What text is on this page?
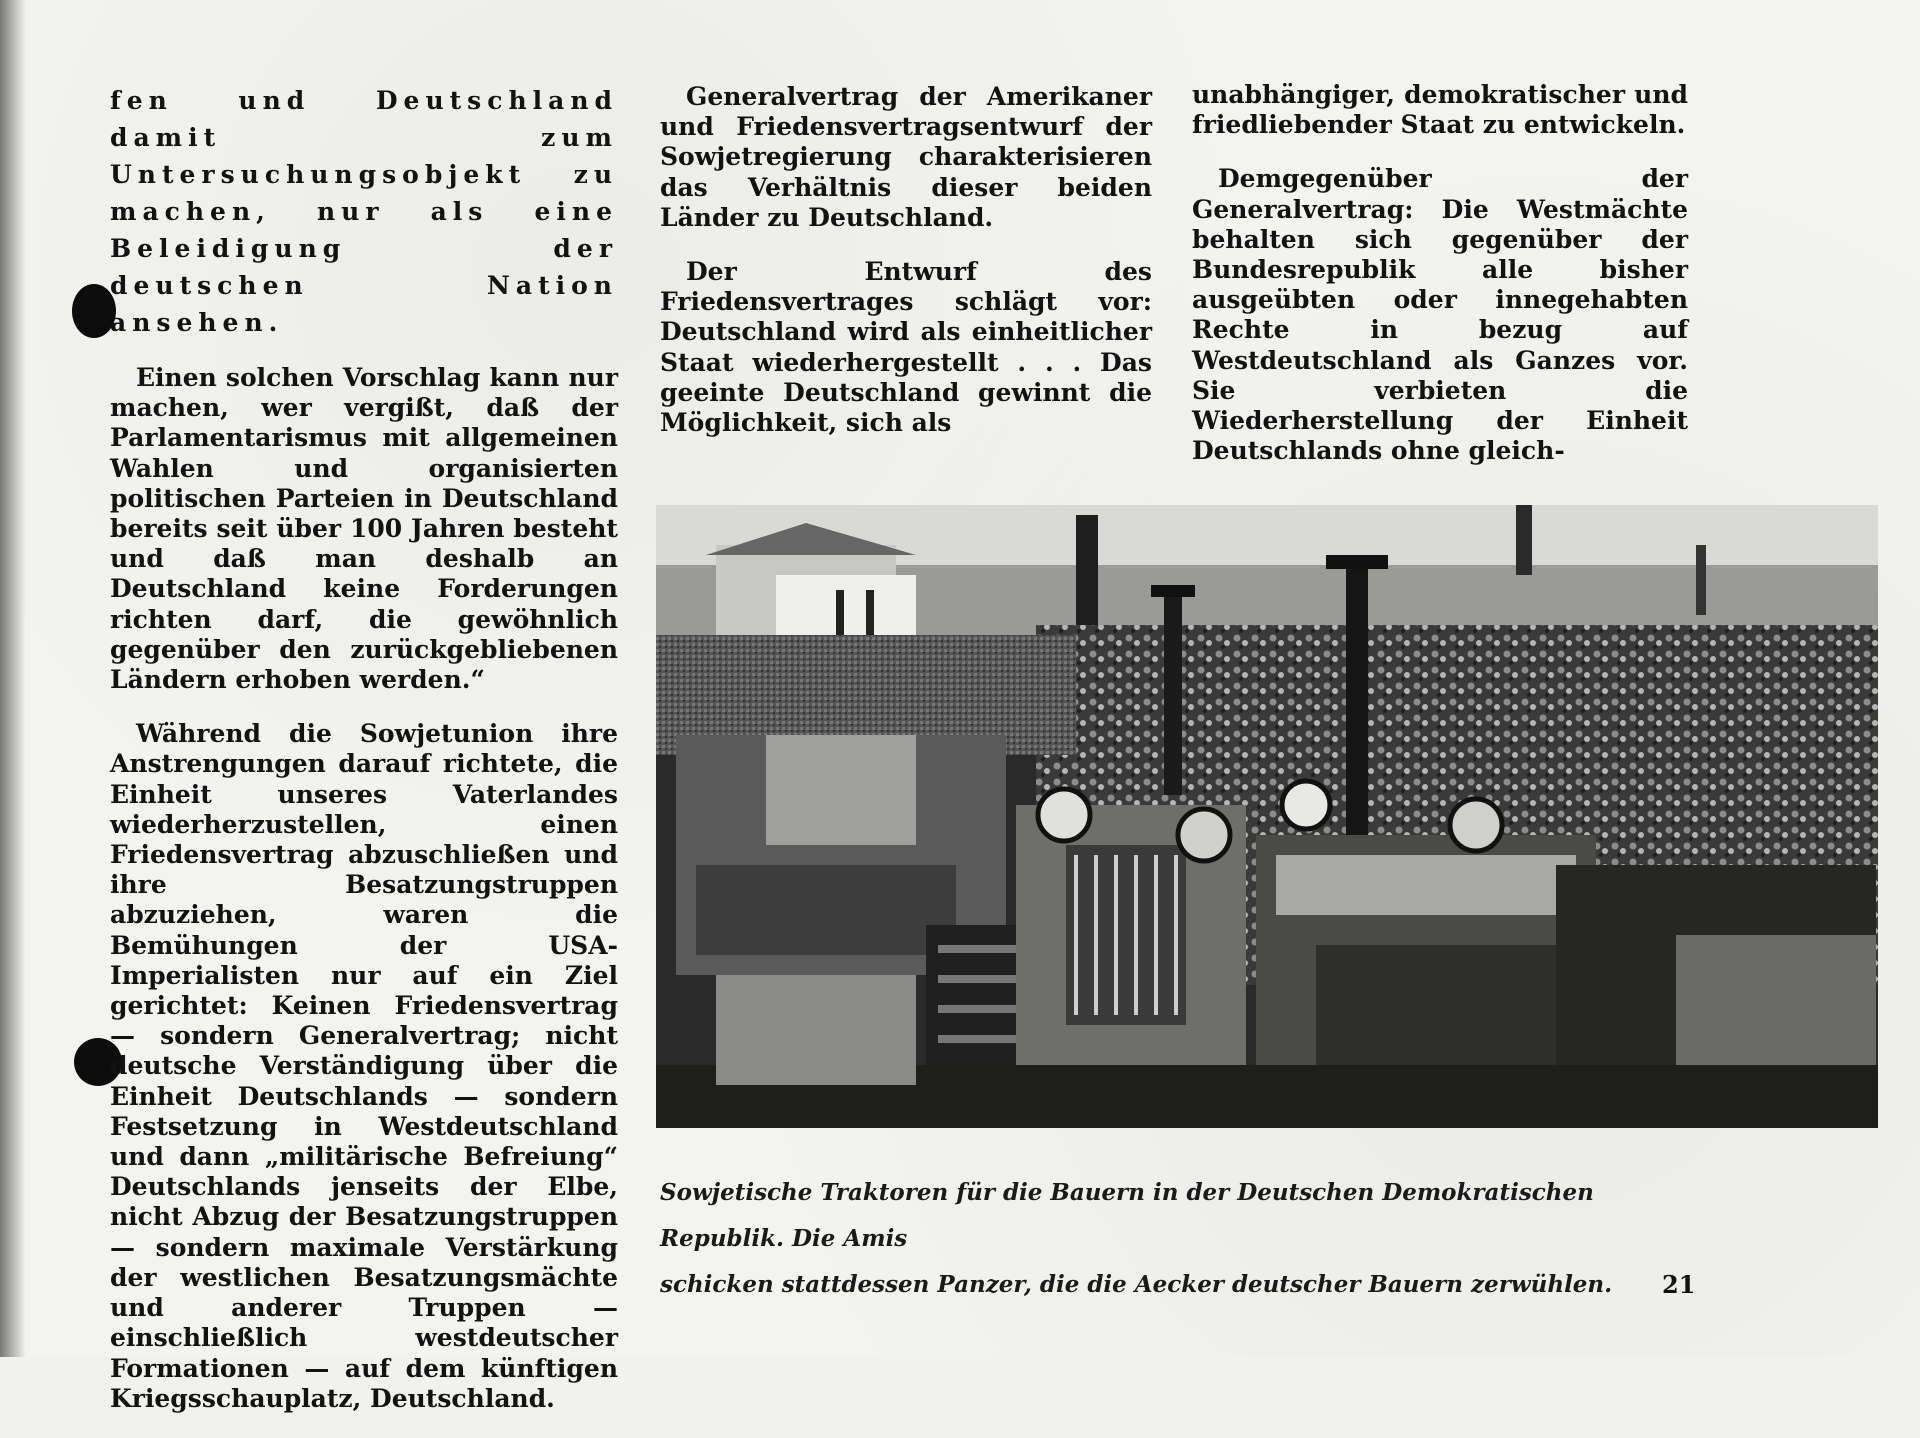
fen und Deutschland damit zum Untersuchungsobjekt zu machen, nur als eine Beleidigung der deutschen Nation ansehen.

Einen solchen Vorschlag kann nur machen, wer vergißt, daß der Parlamentarismus mit allgemeinen Wahlen und organisierten politischen Parteien in Deutschland bereits seit über 100 Jahren besteht und daß man deshalb an Deutschland keine Forderungen richten darf, die gewöhnlich gegenüber den zurückgebliebenen Ländern erhoben werden.“

Während die Sowjetunion ihre Anstrengungen darauf richtete, die Einheit unseres Vaterlandes wiederherzustellen, einen Friedensvertrag abzuschließen und ihre Besatzungstruppen abzuziehen, waren die Bemühungen der USA-Imperialisten nur auf ein Ziel gerichtet: Keinen Friedensvertrag — sondern Generalvertrag; nicht deutsche Verständigung über die Einheit Deutschlands — sondern Festsetzung in Westdeutschland und dann „militärische Befreiung“ Deutschlands jenseits der Elbe, nicht Abzug der Besatzungstruppen — sondern maximale Verstärkung der westlichen Besatzungsmächte und anderer Truppen — einschließlich westdeutscher Formationen — auf dem künftigen Kriegsschauplatz, Deutschland.

Generalvertrag der Amerikaner und Friedensvertragsentwurf der Sowjetregierung charakterisieren das Verhältnis dieser beiden Länder zu Deutschland.

Der Entwurf des Friedensvertrages schlägt vor: Deutschland wird als einheitlicher Staat wiederhergestellt . . . Das geeinte Deutschland gewinnt die Möglichkeit, sich als

unabhängiger, demokratischer und friedliebender Staat zu entwickeln.

Demgegenüber der Generalvertrag: Die Westmächte behalten sich gegenüber der Bundesrepublik alle bisher ausgeübten oder innegehabten Rechte in bezug auf Westdeutschland als Ganzes vor. Sie verbieten die Wiederherstellung der Einheit Deutschlands ohne gleich-

Sowjetische Traktoren für die Bauern in der Deutschen Demokratischen Republik. Die Amis
schicken stattdessen Panzer, die die Aecker deutscher Bauern zerwühlen.	21
